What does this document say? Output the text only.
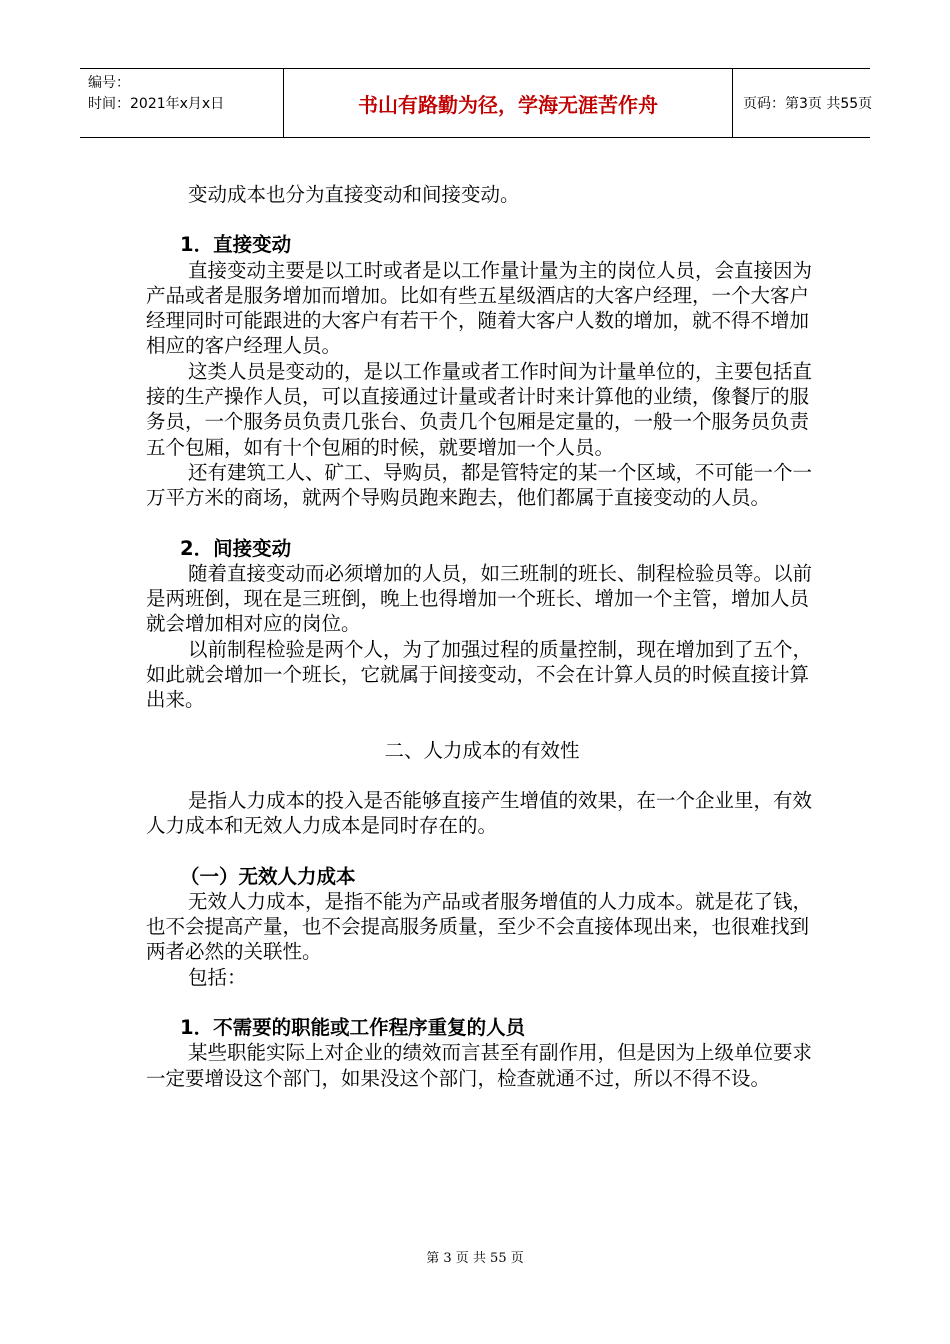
编号：
时间：2021年x月x日	书山有路勤为径，学海无涯苦作舟	页码：第3页 共55页

变动成本也分为直接变动和间接变动。

1．直接变动

直接变动主要是以工时或者是以工作量计量为主的岗位人员，会直接因为产品或者是服务增加而增加。比如有些五星级酒店的大客户经理，一个大客户经理同时可能跟进的大客户有若干个，随着大客户人数的增加，就不得不增加相应的客户经理人员。

这类人员是变动的，是以工作量或者工作时间为计量单位的，主要包括直接的生产操作人员，可以直接通过计量或者计时来计算他的业绩，像餐厅的服务员，一个服务员负责几张台、负责几个包厢是定量的，一般一个服务员负责五个包厢，如有十个包厢的时候，就要增加一个人员。

还有建筑工人、矿工、导购员，都是管特定的某一个区域，不可能一个一万平方米的商场，就两个导购员跑来跑去，他们都属于直接变动的人员。

2．间接变动

随着直接变动而必须增加的人员，如三班制的班长、制程检验员等。以前是两班倒，现在是三班倒，晚上也得增加一个班长、增加一个主管，增加人员就会增加相对应的岗位。

以前制程检验是两个人，为了加强过程的质量控制，现在增加到了五个，如此就会增加一个班长，它就属于间接变动，不会在计算人员的时候直接计算出来。

二、人力成本的有效性

是指人力成本的投入是否能够直接产生增值的效果，在一个企业里，有效人力成本和无效人力成本是同时存在的。

（一）无效人力成本

无效人力成本，是指不能为产品或者服务增值的人力成本。就是花了钱，也不会提高产量，也不会提高服务质量，至少不会直接体现出来，也很难找到两者必然的关联性。

包括：

1．不需要的职能或工作程序重复的人员

某些职能实际上对企业的绩效而言甚至有副作用，但是因为上级单位要求一定要增设这个部门，如果没这个部门，检查就通不过，所以不得不设。

第 3 页 共 55 页
